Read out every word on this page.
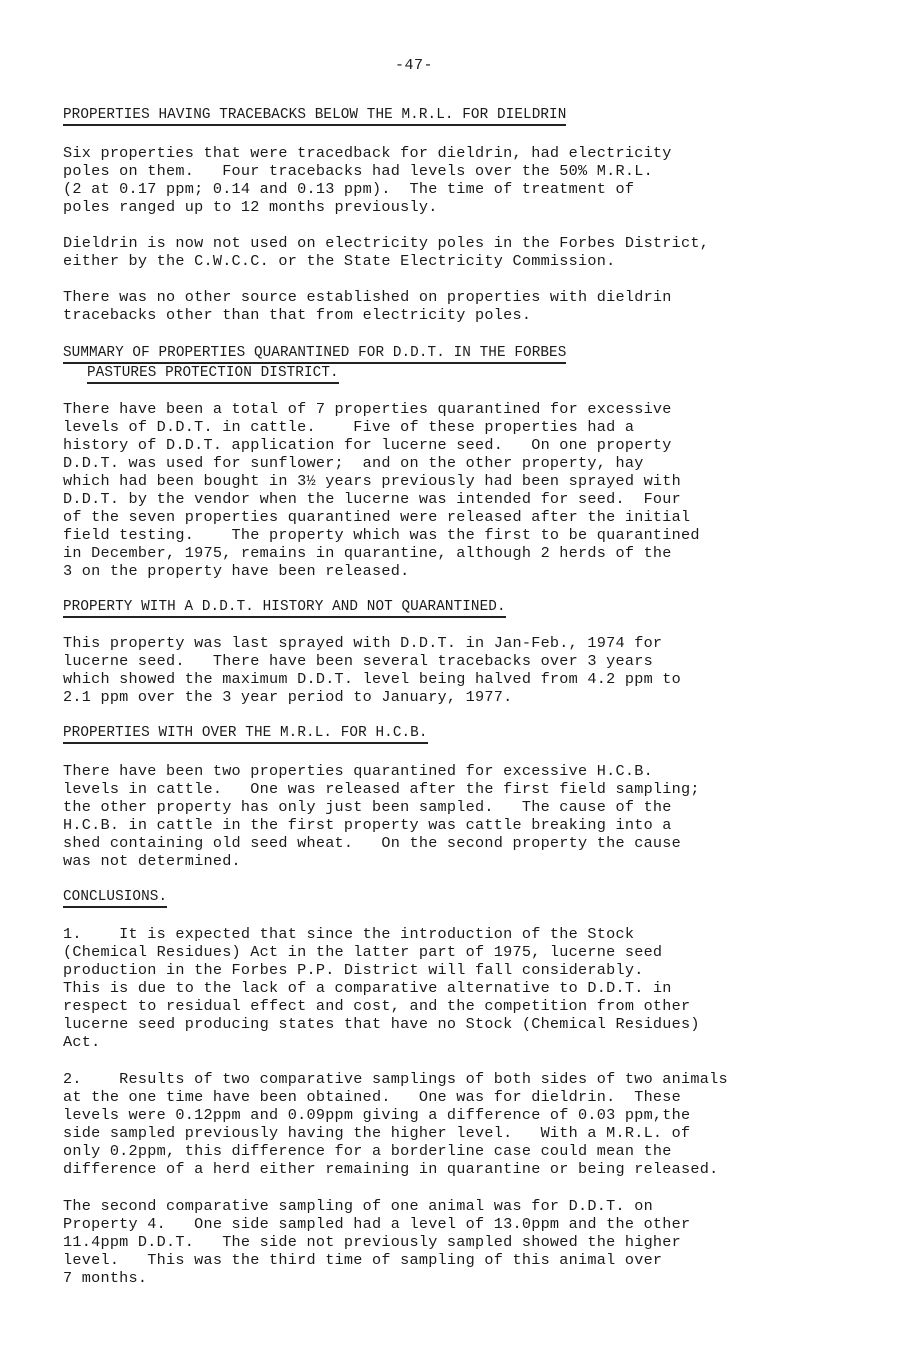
-47-
PROPERTIES HAVING TRACEBACKS BELOW THE M.R.L. FOR DIELDRIN
Six properties that were tracedback for dieldrin, had electricity
poles on them.   Four tracebacks had levels over the 50% M.R.L.
(2 at 0.17 ppm; 0.14 and 0.13 ppm).  The time of treatment of
poles ranged up to 12 months previously.
Dieldrin is now not used on electricity poles in the Forbes District,
either by the C.W.C.C. or the State Electricity Commission.
There was no other source established on properties with dieldrin
tracebacks other than that from electricity poles.
SUMMARY OF PROPERTIES QUARANTINED FOR D.D.T. IN THE FORBES
PASTURES PROTECTION DISTRICT.
There have been a total of 7 properties quarantined for excessive
levels of D.D.T. in cattle.    Five of these properties had a
history of D.D.T. application for lucerne seed.   On one property
D.D.T. was used for sunflower;  and on the other property, hay
which had been bought in 3½ years previously had been sprayed with
D.D.T. by the vendor when the lucerne was intended for seed.  Four
of the seven properties quarantined were released after the initial
field testing.    The property which was the first to be quarantined
in December, 1975, remains in quarantine, although 2 herds of the
3 on the property have been released.
PROPERTY WITH A D.D.T. HISTORY AND NOT QUARANTINED.
This property was last sprayed with D.D.T. in Jan-Feb., 1974 for
lucerne seed.   There have been several tracebacks over 3 years
which showed the maximum D.D.T. level being halved from 4.2 ppm to
2.1 ppm over the 3 year period to January, 1977.
PROPERTIES WITH OVER THE M.R.L. FOR H.C.B.
There have been two properties quarantined for excessive H.C.B.
levels in cattle.   One was released after the first field sampling;
the other property has only just been sampled.   The cause of the
H.C.B. in cattle in the first property was cattle breaking into a
shed containing old seed wheat.   On the second property the cause
was not determined.
CONCLUSIONS.
1.    It is expected that since the introduction of the Stock
(Chemical Residues) Act in the latter part of 1975, lucerne seed
production in the Forbes P.P. District will fall considerably.
This is due to the lack of a comparative alternative to D.D.T. in
respect to residual effect and cost, and the competition from other
lucerne seed producing states that have no Stock (Chemical Residues)
Act.
2.    Results of two comparative samplings of both sides of two animals
at the one time have been obtained.   One was for dieldrin.  These
levels were 0.12ppm and 0.09ppm giving a difference of 0.03 ppm,the
side sampled previously having the higher level.   With a M.R.L. of
only 0.2ppm, this difference for a borderline case could mean the
difference of a herd either remaining in quarantine or being released.
The second comparative sampling of one animal was for D.D.T. on
Property 4.   One side sampled had a level of 13.0ppm and the other
11.4ppm D.D.T.   The side not previously sampled showed the higher
level.   This was the third time of sampling of this animal over
7 months.
